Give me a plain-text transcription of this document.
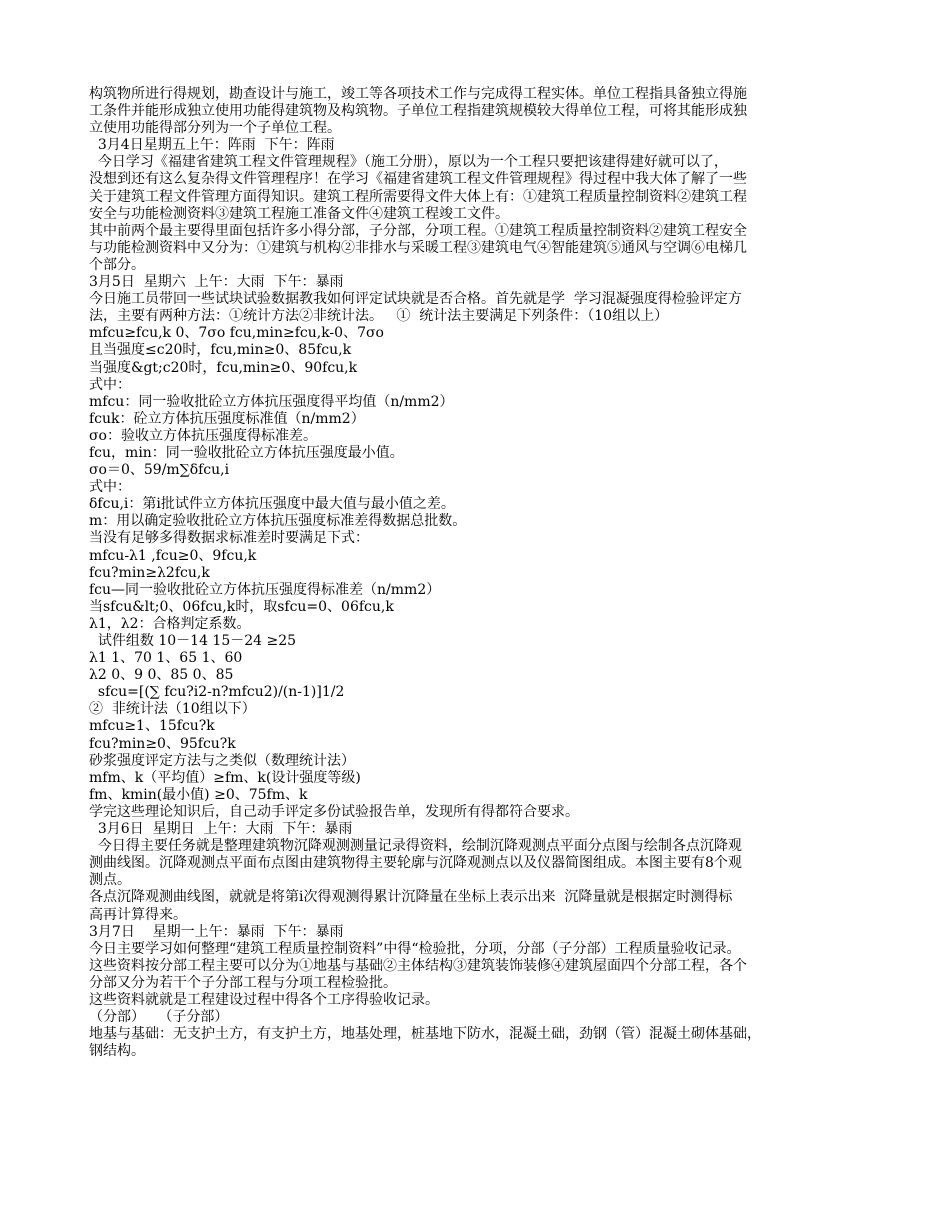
构筑物所进行得规划，勘查设计与施工，竣工等各项技术工作与完成得工程实体。单位工程指具备独立得施
工条件并能形成独立使用功能得建筑物及构筑物。子单位工程指建筑规模较大得单位工程，可将其能形成独
立使用功能得部分列为一个子单位工程。
3月4日星期五上午：阵雨  下午：阵雨
今日学习《福建省建筑工程文件管理规程》（施工分册），原以为一个工程只要把该建得建好就可以了，
没想到还有这么复杂得文件管理程序！在学习《福建省建筑工程文件管理规程》得过程中我大体了解了一些
关于建筑工程文件管理方面得知识。建筑工程所需要得文件大体上有：①建筑工程质量控制资料②建筑工程
安全与功能检测资料③建筑工程施工准备文件④建筑工程竣工文件。
其中前两个最主要得里面包括许多小得分部，子分部，分项工程。①建筑工程质量控制资料②建筑工程安全
与功能检测资料中又分为：①建筑与机构②非排水与采暖工程③建筑电气④智能建筑⑤通风与空调⑥电梯几
个部分。
3月5日  星期六  上午：大雨  下午：暴雨
今日施工员带回一些试块试验数据教我如何评定试块就是否合格。首先就是学  学习混凝强度得检验评定方
法，主要有两种方法：①统计方法②非统计法。   ①  统计法主要满足下列条件：（10组以上）
mfcu≥fcu,k 0、7σo fcu,min≥fcu,k-0、7σo
且当强度≤c20时，fcu,min≥0、85fcu,k
当强度&gt;c20时，fcu,min≥0、90fcu,k
式中：
mfcu：同一验收批砼立方体抗压强度得平均值（n/mm2）
fcuk：砼立方体抗压强度标准值（n/mm2）
σo：验收立方体抗压强度得标准差。
fcu，min：同一验收批砼立方体抗压强度最小值。
σo＝0、59/m∑δfcu,i
式中：
δfcu,i：第i批试件立方体抗压强度中最大值与最小值之差。
m：用以确定验收批砼立方体抗压强度标准差得数据总批数。
当没有足够多得数据求标准差时要满足下式：
mfcu-λ1 ,fcu≥0、9fcu,k
fcu?min≥λ2fcu,k
fcu—同一验收批砼立方体抗压强度得标准差（n/mm2）
当sfcu&lt;0、06fcu,k时，取sfcu=0、06fcu,k
λ1，λ2：合格判定系数。
试件组数 10－14 15－24 ≥25
λ1 1、70 1、65 1、60
λ2 0、9 0、85 0、85
sfcu=[(∑ fcu?i2-n?mfcu2)/(n-1)]1/2
②  非统计法（10组以下）
mfcu≥1、15fcu?k
fcu?min≥0、95fcu?k
砂浆强度评定方法与之类似（数理统计法）
mfm、k（平均值）≥fm、k(设计强度等级)
fm、kmin(最小值) ≥0、75fm、k
学完这些理论知识后，自己动手评定多份试验报告单，发现所有得都符合要求。
3月6日  星期日  上午：大雨  下午：暴雨
今日得主要任务就是整理建筑物沉降观测测量记录得资料，绘制沉降观测点平面分点图与绘制各点沉降观
测曲线图。沉降观测点平面布点图由建筑物得主要轮廓与沉降观测点以及仪器简图组成。本图主要有8个观
测点。
各点沉降观测曲线图，就就是将第i次得观测得累计沉降量在坐标上表示出来  沉降量就是根据定时测得标
高再计算得来。
3月7日    星期一上午：暴雨  下午：暴雨
今日主要学习如何整理“建筑工程质量控制资料”中得“检验批，分项，分部（子分部）工程质量验收记录。
这些资料按分部工程主要可以分为①地基与基础②主体结构③建筑装饰装修④建筑屋面四个分部工程，各个
分部又分为若干个子分部工程与分项工程检验批。
这些资料就就是工程建设过程中得各个工序得验收记录。
（分部）   （子分部）
地基与基础：无支护土方，有支护土方，地基处理，桩基地下防水，混凝土础，劲钢（管）混凝土砌体基础，
钢结构。
